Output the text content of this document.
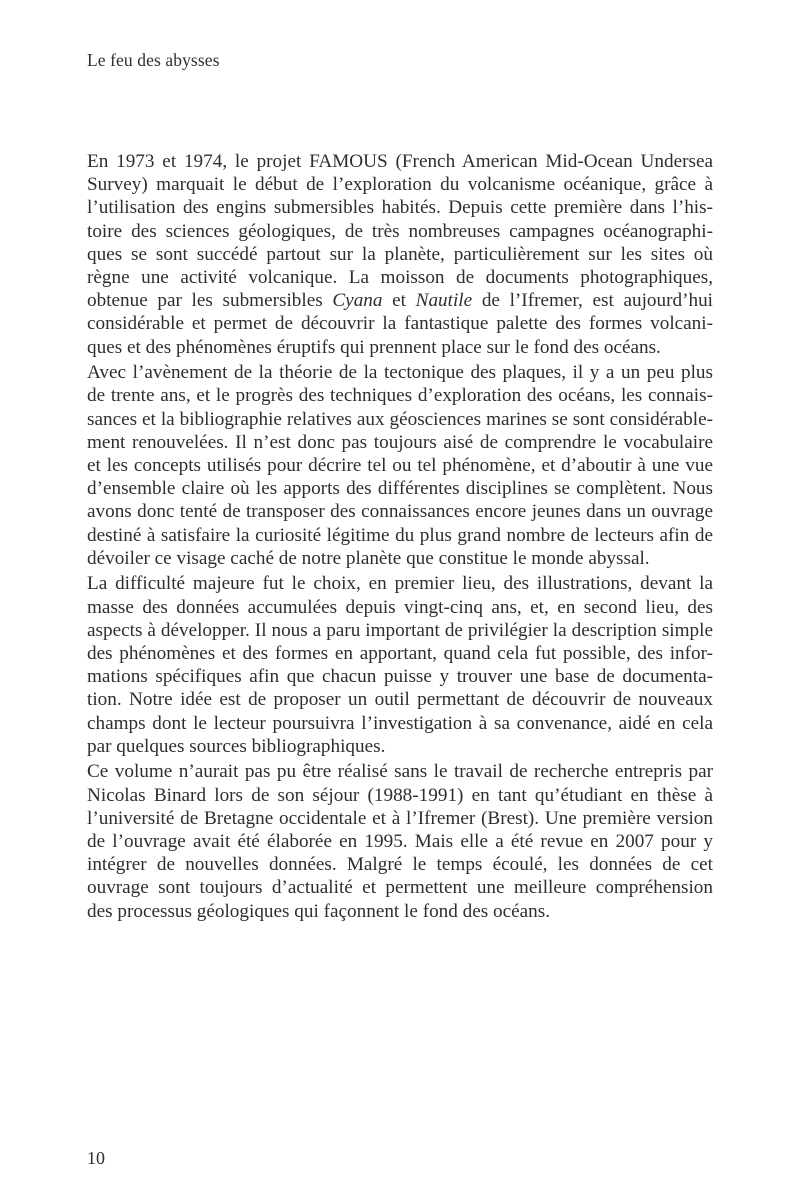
Le feu des abysses
En 1973 et 1974, le projet FAMOUS (French American Mid-Ocean Undersea
Survey) marquait le début de l’exploration du volcanisme océanique, grâce à
l’utilisation des engins submersibles habités. Depuis cette première dans l’his-
toire des sciences géologiques, de très nombreuses campagnes océanographi-
ques se sont succédé partout sur la planète, particulièrement sur les sites où
règne une activité volcanique. La moisson de documents photographiques,
obtenue par les submersibles Cyana et Nautile de l’Ifremer, est aujourd’hui
considérable et permet de découvrir la fantastique palette des formes volcani-
ques et des phénomènes éruptifs qui prennent place sur le fond des océans.
Avec l’avènement de la théorie de la tectonique des plaques, il y a un peu plus
de trente ans, et le progrès des techniques d’exploration des océans, les connais-
sances et la bibliographie relatives aux géosciences marines se sont considérable-
ment renouvelées. Il n’est donc pas toujours aisé de comprendre le vocabulaire
et les concepts utilisés pour décrire tel ou tel phénomène, et d’aboutir à une vue
d’ensemble claire où les apports des différentes disciplines se complètent. Nous
avons donc tenté de transposer des connaissances encore jeunes dans un ouvrage
destiné à satisfaire la curiosité légitime du plus grand nombre de lecteurs afin de
dévoiler ce visage caché de notre planète que constitue le monde abyssal.
La difficulté majeure fut le choix, en premier lieu, des illustrations, devant la
masse des données accumulées depuis vingt-cinq ans, et, en second lieu, des
aspects à développer. Il nous a paru important de privilégier la description simple
des phénomènes et des formes en apportant, quand cela fut possible, des infor-
mations spécifiques afin que chacun puisse y trouver une base de documenta-
tion. Notre idée est de proposer un outil permettant de découvrir de nouveaux
champs dont le lecteur poursuivra l’investigation à sa convenance, aidé en cela
par quelques sources bibliographiques.
Ce volume n’aurait pas pu être réalisé sans le travail de recherche entrepris par
Nicolas Binard lors de son séjour (1988-1991) en tant qu’étudiant en thèse à
l’université de Bretagne occidentale et à l’Ifremer (Brest). Une première version
de l’ouvrage avait été élaborée en 1995. Mais elle a été revue en 2007 pour y
intégrer de nouvelles données. Malgré le temps écoulé, les données de cet
ouvrage sont toujours d’actualité et permettent une meilleure compréhension
des processus géologiques qui façonnent le fond des océans.
10
